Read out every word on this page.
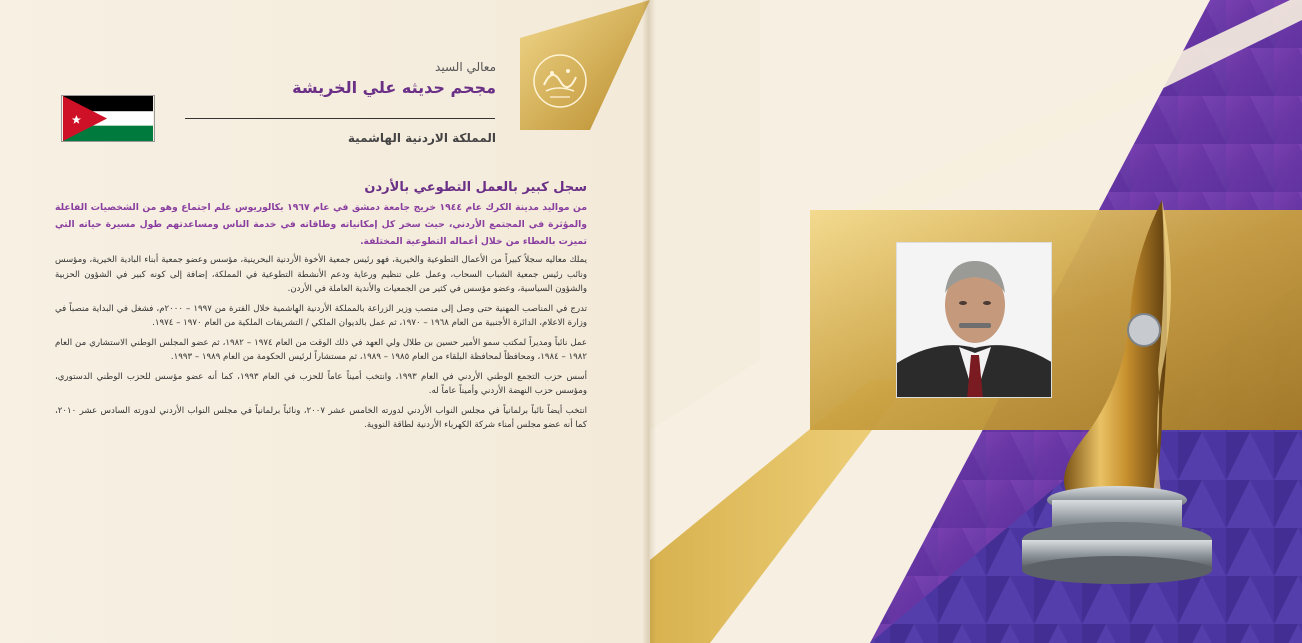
معالي السيد
مجحم حديثه علي الخريشة
المملكة الاردنية الهاشمية
سجل كبير بالعمل التطوعي بالأردن
من مواليد مدينة الكرك عام ١٩٤٤ خريج جامعة دمشق في عام ١٩٦٧ بكالوريوس علم اجتماع وهو من الشخصيات الفاعلة والمؤثرة في المجتمع الأردني، حيث سخر كل إمكانياته وطاقاته في خدمة الناس ومساعدتهم طول مسيرة حياته التي تميزت بالعطاء من خلال أعماله التطوعية المختلفة.
يملك معاليه سجلاً كبيراً من الأعمال التطوعية والخيرية، فهو رئيس جمعية الأخوة الأردنية البحرينية، مؤسس وعضو جمعية أبناء البادية الخيرية، ومؤسس ونائب رئيس جمعية الشباب السحاب، وعمل على تنظيم ورعاية ودعم الأنشطة التطوعية في المملكة، إضافة إلى كونه كبير في الشؤون الحزبية والشؤون السياسية، وعضو مؤسس في كثير من الجمعيات والأندية العاملة في الأردن.
تدرج في المناصب المهنية حتى وصل إلى منصب وزير الزراعة بالمملكة الأردنية الهاشمية خلال الفترة من ١٩٩٧ – ٢٠٠٠م، فشغل في البداية منصباً في وزارة الاعلام، الدائرة الأجنبية من العام ١٩٦٨ – ١٩٧٠، ثم عمل بالديوان الملكي / التشريفات الملكية من العام ١٩٧٠ – ١٩٧٤.
عمل نائباً ومديراً لمكتب سمو الأمير حسين بن طلال ولي العهد في ذلك الوقت من العام ١٩٧٤ – ١٩٨٢، ثم عضو المجلس الوطني الاستشاري من العام ١٩٨٢ – ١٩٨٤، ومحافظاً لمحافظة البلقاء من العام ١٩٨٥ – ١٩٨٩، ثم مستشاراً لرئيس الحكومة من العام ١٩٨٩ – ١٩٩٣.
أسس حزب التجمع الوطني الأردني في العام ١٩٩٣، وانتخب أميناً عاماً للحزب في العام ١٩٩٣، كما أنه عضو مؤسس للحزب الوطني الدستوري، ومؤسس حزب النهضة الأردني وأميناً عاماً له.
انتخب أيضاً نائباً برلمانياً في مجلس النواب الأردني لدورته الخامس عشر ٢٠٠٧، ونائباً برلمانياً في مجلس النواب الأردني لدورته السادس عشر ٢٠١٠، كما أنه عضو مجلس أمناء شركة الكهرباء الأردنية لطاقة النووية.
